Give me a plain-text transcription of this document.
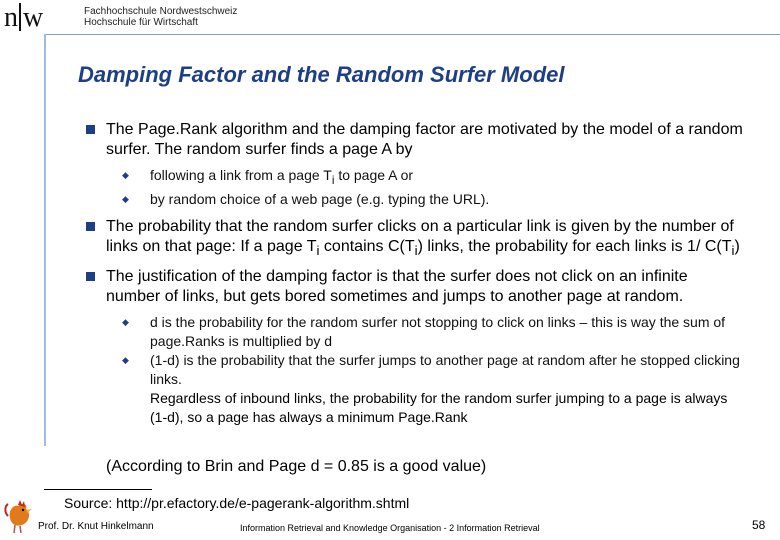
n w	Fachhochschule Nordwestschweiz
Hochschule für Wirtschaft
Damping Factor and the Random Surfer Model
The Page.Rank algorithm and the damping factor are motivated by the model of a random surfer. The random surfer finds a page A by
◆ following a link from a page $T_i$ to page A or
◆ by random choice of a web page (e.g. typing the URL).
The probability that the random surfer clicks on a particular link is given by the number of links on that page: If a page $T_i$ contains $C(T_i)$ links, the probability for each links is 1/ $C(T_i)$
The justification of the damping factor is that the surfer does not click on an infinite number of links, but gets bored sometimes and jumps to another page at random.
◆ d is the probability for the random surfer not stopping to click on links – this is way the sum of page.Ranks is multiplied by d
◆ (1-d) is the probability that the surfer jumps to another page at random after he stopped clicking links.
Regardless of inbound links, the probability for the random surfer jumping to a page is always (1-d), so a page has always a minimum Page.Rank
(According to Brin and Page d = 0.85 is a good value)
Source: http://pr.efactory.de/e-pagerank-algorithm.shtml
Prof. Dr. Knut Hinkelmann	Information Retrieval and Knowledge Organisation - 2 Information Retrieval	58
